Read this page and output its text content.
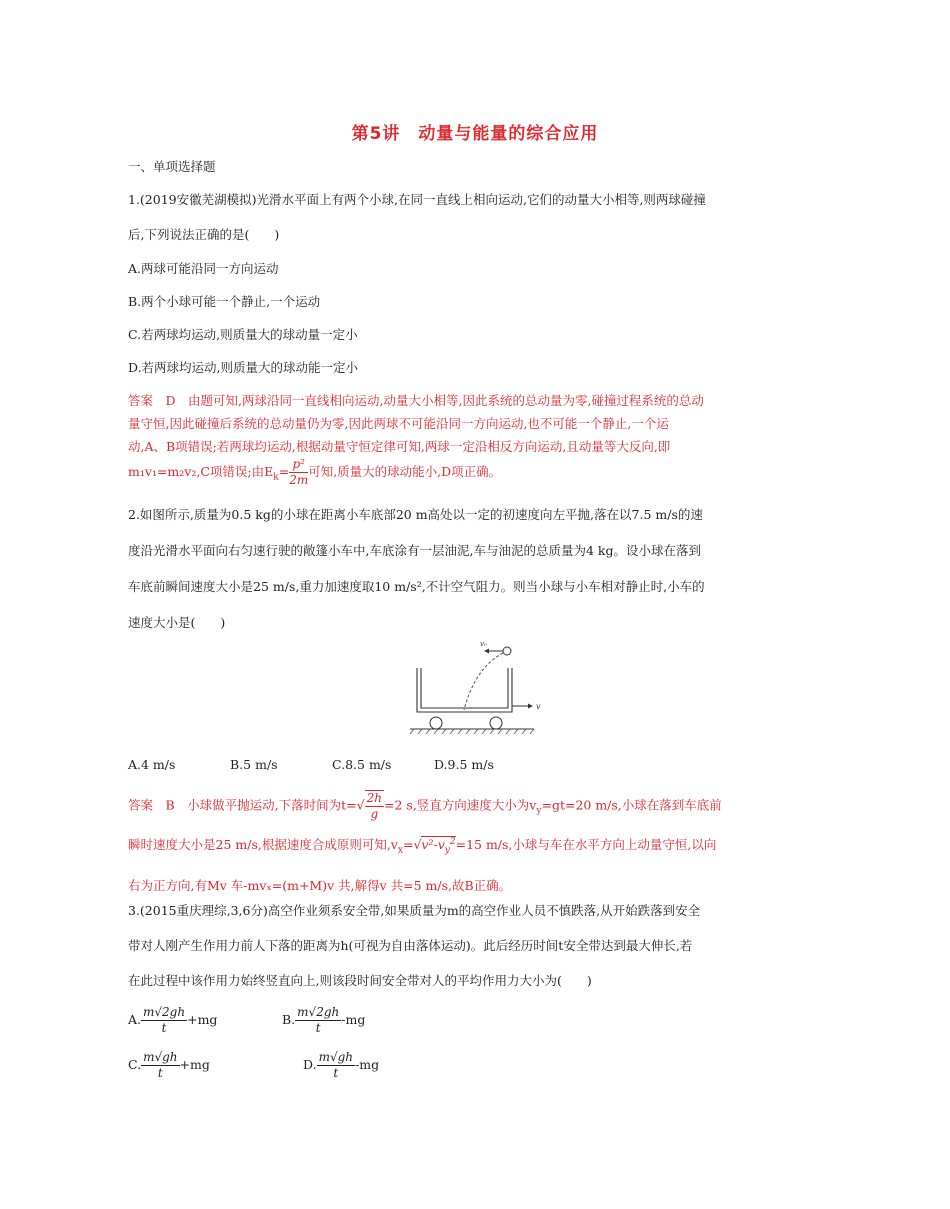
第5讲　动量与能量的综合应用
一、单项选择题
1.(2019安徽芜湖模拟)光滑水平面上有两个小球,在同一直线上相向运动,它们的动量大小相等,则两球碰撞
后,下列说法正确的是(　　)
A.两球可能沿同一方向运动
B.两个小球可能一个静止,一个运动
C.若两球均运动,则质量大的球动量一定小
D.若两球均运动,则质量大的球动能一定小
答案　D　由题可知,两球沿同一直线相向运动,动量大小相等,因此系统的总动量为零,碰撞过程系统的总动
量守恒,因此碰撞后系统的总动量仍为零,因此两球不可能沿同一方向运动,也不可能一个静止,一个运
动,A、B项错误;若两球均运动,根据动量守恒定律可知,两球一定沿相反方向运动,且动量等大反向,即
m₁v₁=m₂v₂,C项错误;由$E_k= \frac{\text{p²}}{2m}$ 可知,质量大的球动能小,D项正确。
2.如图所示,质量为0.5 kg的小球在距离小车底部20 m高处以一定的初速度向左平抛,落在以7.5 m/s的速
度沿光滑水平面向右匀速行驶的敞篷小车中,车底涂有一层油泥,车与油泥的总质量为4 kg。设小球在落到
车底前瞬间速度大小是25 m/s,重力加速度取10 m/s²,不计空气阻力。则当小球与小车相对静止时,小车的
速度大小是(　　)
v₀
v
A.4 m/s	B.5 m/s	C.8.5 m/s	D.9.5 m/s
答案　B　小球做平抛运动,下落时间为$t=√ \frac{2h}{g} =2$ s,竖直方向速度大小为$v_y=gt=20$ m/s,小球在落到车底前
瞬时速度大小是25 m/s,根据速度合成原则可知$,v_x=√v^2-v_y^2=15$ m/s,小球与车在水平方向上动量守恒,以向
右为正方向,有Mv 车-mvₓ=(m+M)v 共,解得v 共=5 m/s,故B正确。
3.(2015重庆理综,3,6分)高空作业须系安全带,如果质量为m的高空作业人员不慎跌落,从开始跌落到安全
带对人刚产生作用力前人下落的距离为h(可视为自由落体运动)。此后经历时间t安全带达到最大伸长,若
在此过程中该作用力始终竖直向上,则该段时间安全带对人的平均作用力大小为(　　)
A. $\frac{m√2gh}{t} +mg$	B. $\frac{m√2gh}{t} -mg$
C. $\frac{m√gh}{t} +mg$	D. $\frac{m√gh}{t} -mg$
